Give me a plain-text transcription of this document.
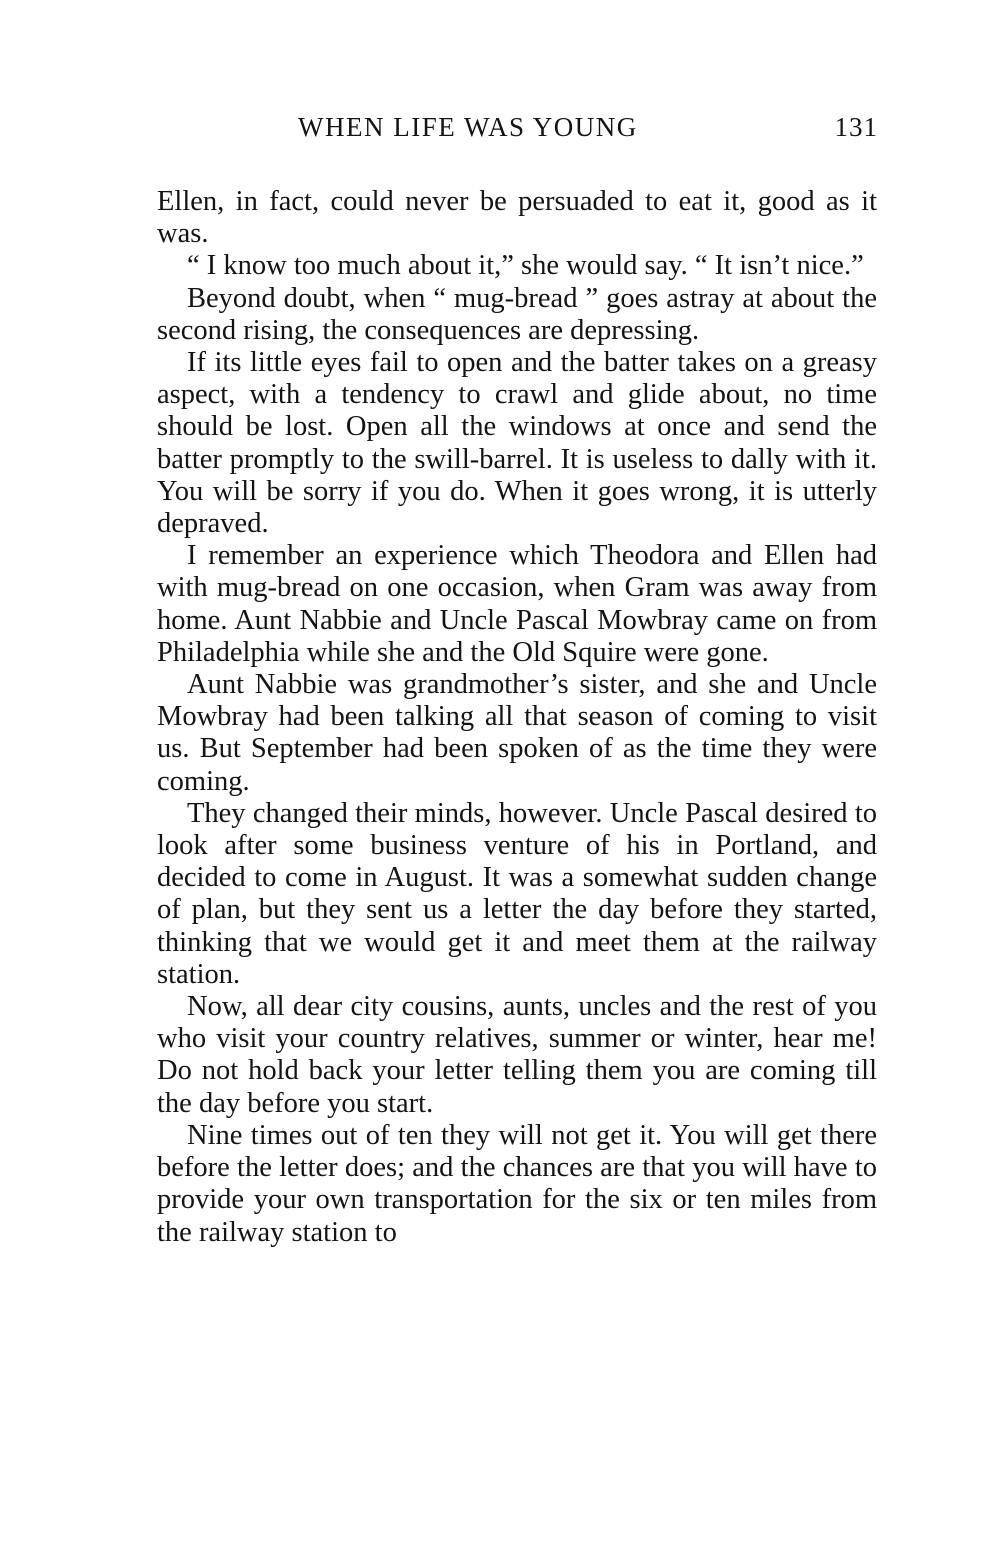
WHEN LIFE WAS YOUNG	131

Ellen, in fact, could never be persuaded to eat it, good as it was.

“ I know too much about it,” she would say. “ It isn’t nice.”

Beyond doubt, when “ mug-bread ” goes astray at about the second rising, the consequences are depressing.

If its little eyes fail to open and the batter takes on a greasy aspect, with a tendency to crawl and glide about, no time should be lost. Open all the windows at once and send the batter promptly to the swill-barrel. It is useless to dally with it. You will be sorry if you do. When it goes wrong, it is utterly depraved.

I remember an experience which Theodora and Ellen had with mug-bread on one occasion, when Gram was away from home. Aunt Nabbie and Uncle Pascal Mowbray came on from Philadelphia while she and the Old Squire were gone.

Aunt Nabbie was grandmother’s sister, and she and Uncle Mowbray had been talking all that season of coming to visit us. But September had been spoken of as the time they were coming.

They changed their minds, however. Uncle Pascal desired to look after some business venture of his in Portland, and decided to come in August. It was a somewhat sudden change of plan, but they sent us a letter the day before they started, thinking that we would get it and meet them at the railway station.

Now, all dear city cousins, aunts, uncles and the rest of you who visit your country relatives, summer or winter, hear me! Do not hold back your letter telling them you are coming till the day before you start.

Nine times out of ten they will not get it. You will get there before the letter does; and the chances are that you will have to provide your own transportation for the six or ten miles from the railway station to
